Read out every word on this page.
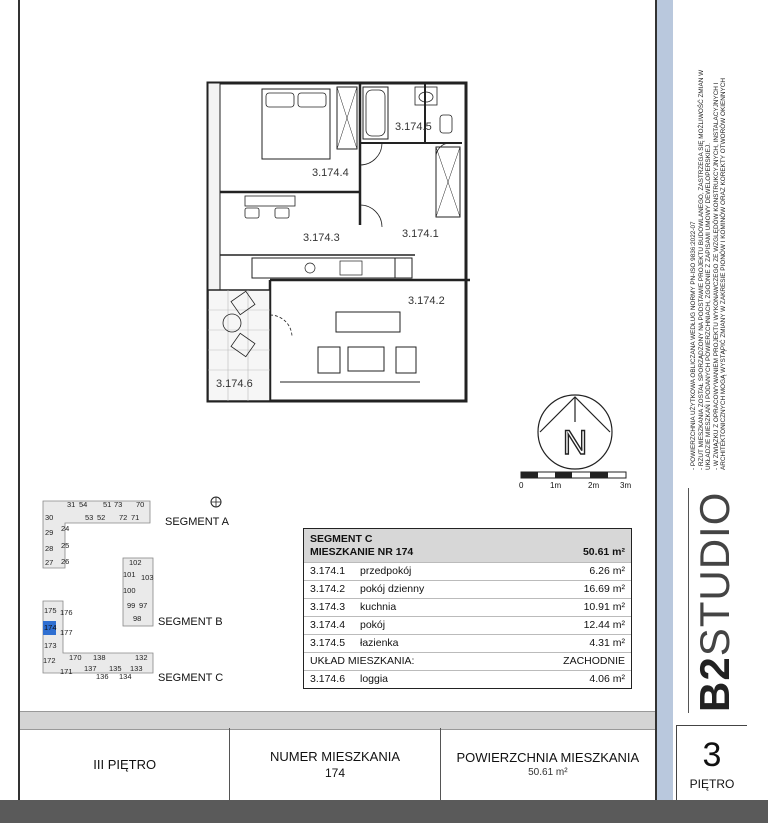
3.174.5
3.174.4
3.174.3	3.174.1
3.174.2
3.174.6
N
0	1m	2m	3m
31 54 51 73 70
30	53 52 72 71
29 24
28 25
27 26	102
101 103
100
99 97
98
175 176
174
177
173
172 170 138	132
171 137 135 133
136 134
SEGMENT A
SEGMENT B
SEGMENT C
SEGMENT C
MIESZKANIE NR 174	50.61 m²
3.174.1	przedpokój	6.26 m²
3.174.2	pokój dzienny	16.69 m²
3.174.3	kuchnia	10.91 m²
3.174.4	pokój	12.44 m²
3.174.5	łazienka	4.31 m²
UKŁAD MIESZKANIA:	ZACHODNIE
3.174.6	loggia	4.06 m²
III PIĘTRO
NUMER MIESZKANIA
174
POWIERZCHNIA MIESZKANIA
50.61 m²	3
PIĘTRO
- POWIERZCHNIA UŻYTKOWA OBLICZANA WEDŁUG NORMY PN-ISO 9836:2022-07 - RZUT MIESZKANIA ZOSTAŁ SPORZĄDZONY NA PODSTAWIE PROJEKTU BUDOWLANEGO, ZASTRZEGA SIĘ MOŻLIWOŚĆ ZMIAN W UKŁADZIE MIESZKAŃ I PODANYCH POWIERZCHNIACH, ZGODNIE Z ZAPISAMI UMOWY DEWELOPERSKIEJ. - W ZWIĄZKU Z OPRACOWYWANIEM PROJEKTU WYKONAWCZEGO ZE WZGLĘDÓW KONSTRUKCYJNYCH, INSTALACYJNYCH I ARCHITEKTONICZNYCH MOGĄ WYSTĄPIĆ ZMIANY W ZAKRESIE PIONÓW I KOMINÓW ORAZ KOREKTY OTWORÓW OKIENNYCH
B2STUDIO
